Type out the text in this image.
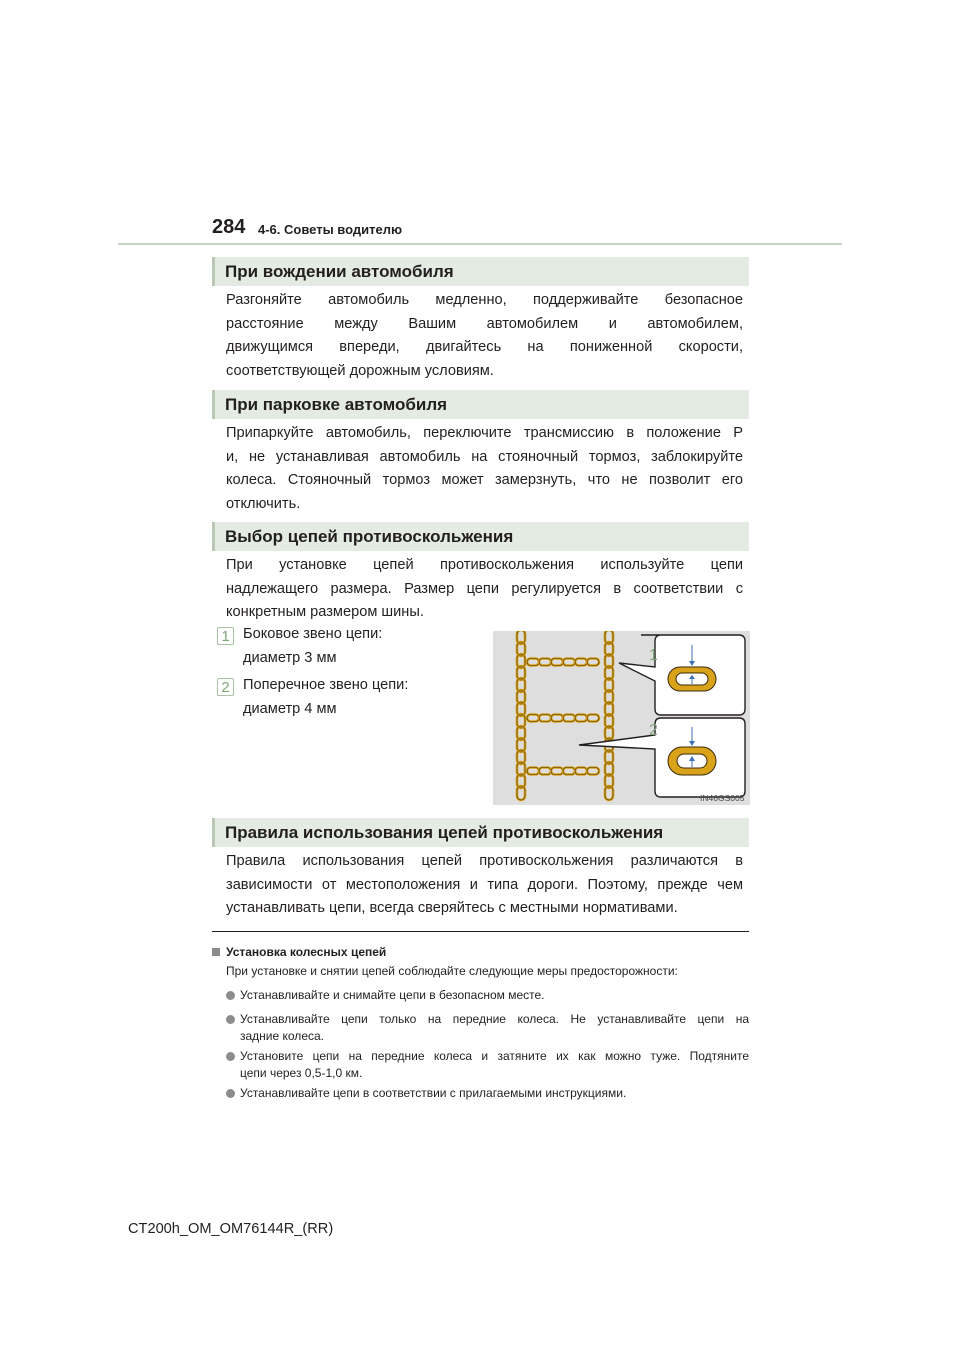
284 4-6. Советы водителю
При вождении автомобиля
Разгоняйте автомобиль медленно, поддерживайте безопасное
расстояние между Вашим автомобилем и автомобилем,
движущимся впереди, двигайтесь на пониженной скорости,
соответствующей дорожным условиям.
При парковке автомобиля
Припаркуйте автомобиль, переключите трансмиссию в положение P
и, не устанавливая автомобиль на стояночный тормоз, заблокируйте
колеса. Стояночный тормоз может замерзнуть, что не позволит его
отключить.
Выбор цепей противоскольжения
При установке цепей противоскольжения используйте цепи
надлежащего размера. Размер цепи регулируется в соответствии с
конкретным размером шины.
1 Боковое звено цепи:
диаметр 3 мм
2 Поперечное звено цепи:
диаметр 4 мм
1
2
IN46GS005
Правила использования цепей противоскольжения
Правила использования цепей противоскольжения различаются в
зависимости от местоположения и типа дороги. Поэтому, прежде чем
устанавливать цепи, всегда сверяйтесь с местными нормативами.
Установка колесных цепей
При установке и снятии цепей соблюдайте следующие меры предосторожности:
Устанавливайте и снимайте цепи в безопасном месте.
Устанавливайте цепи только на передние колеса. Не устанавливайте цепи на
задние колеса.
Установите цепи на передние колеса и затяните их как можно туже. Подтяните
цепи через 0,5-1,0 км.
Устанавливайте цепи в соответствии с прилагаемыми инструкциями.
CT200h_OM_OM76144R_(RR)
